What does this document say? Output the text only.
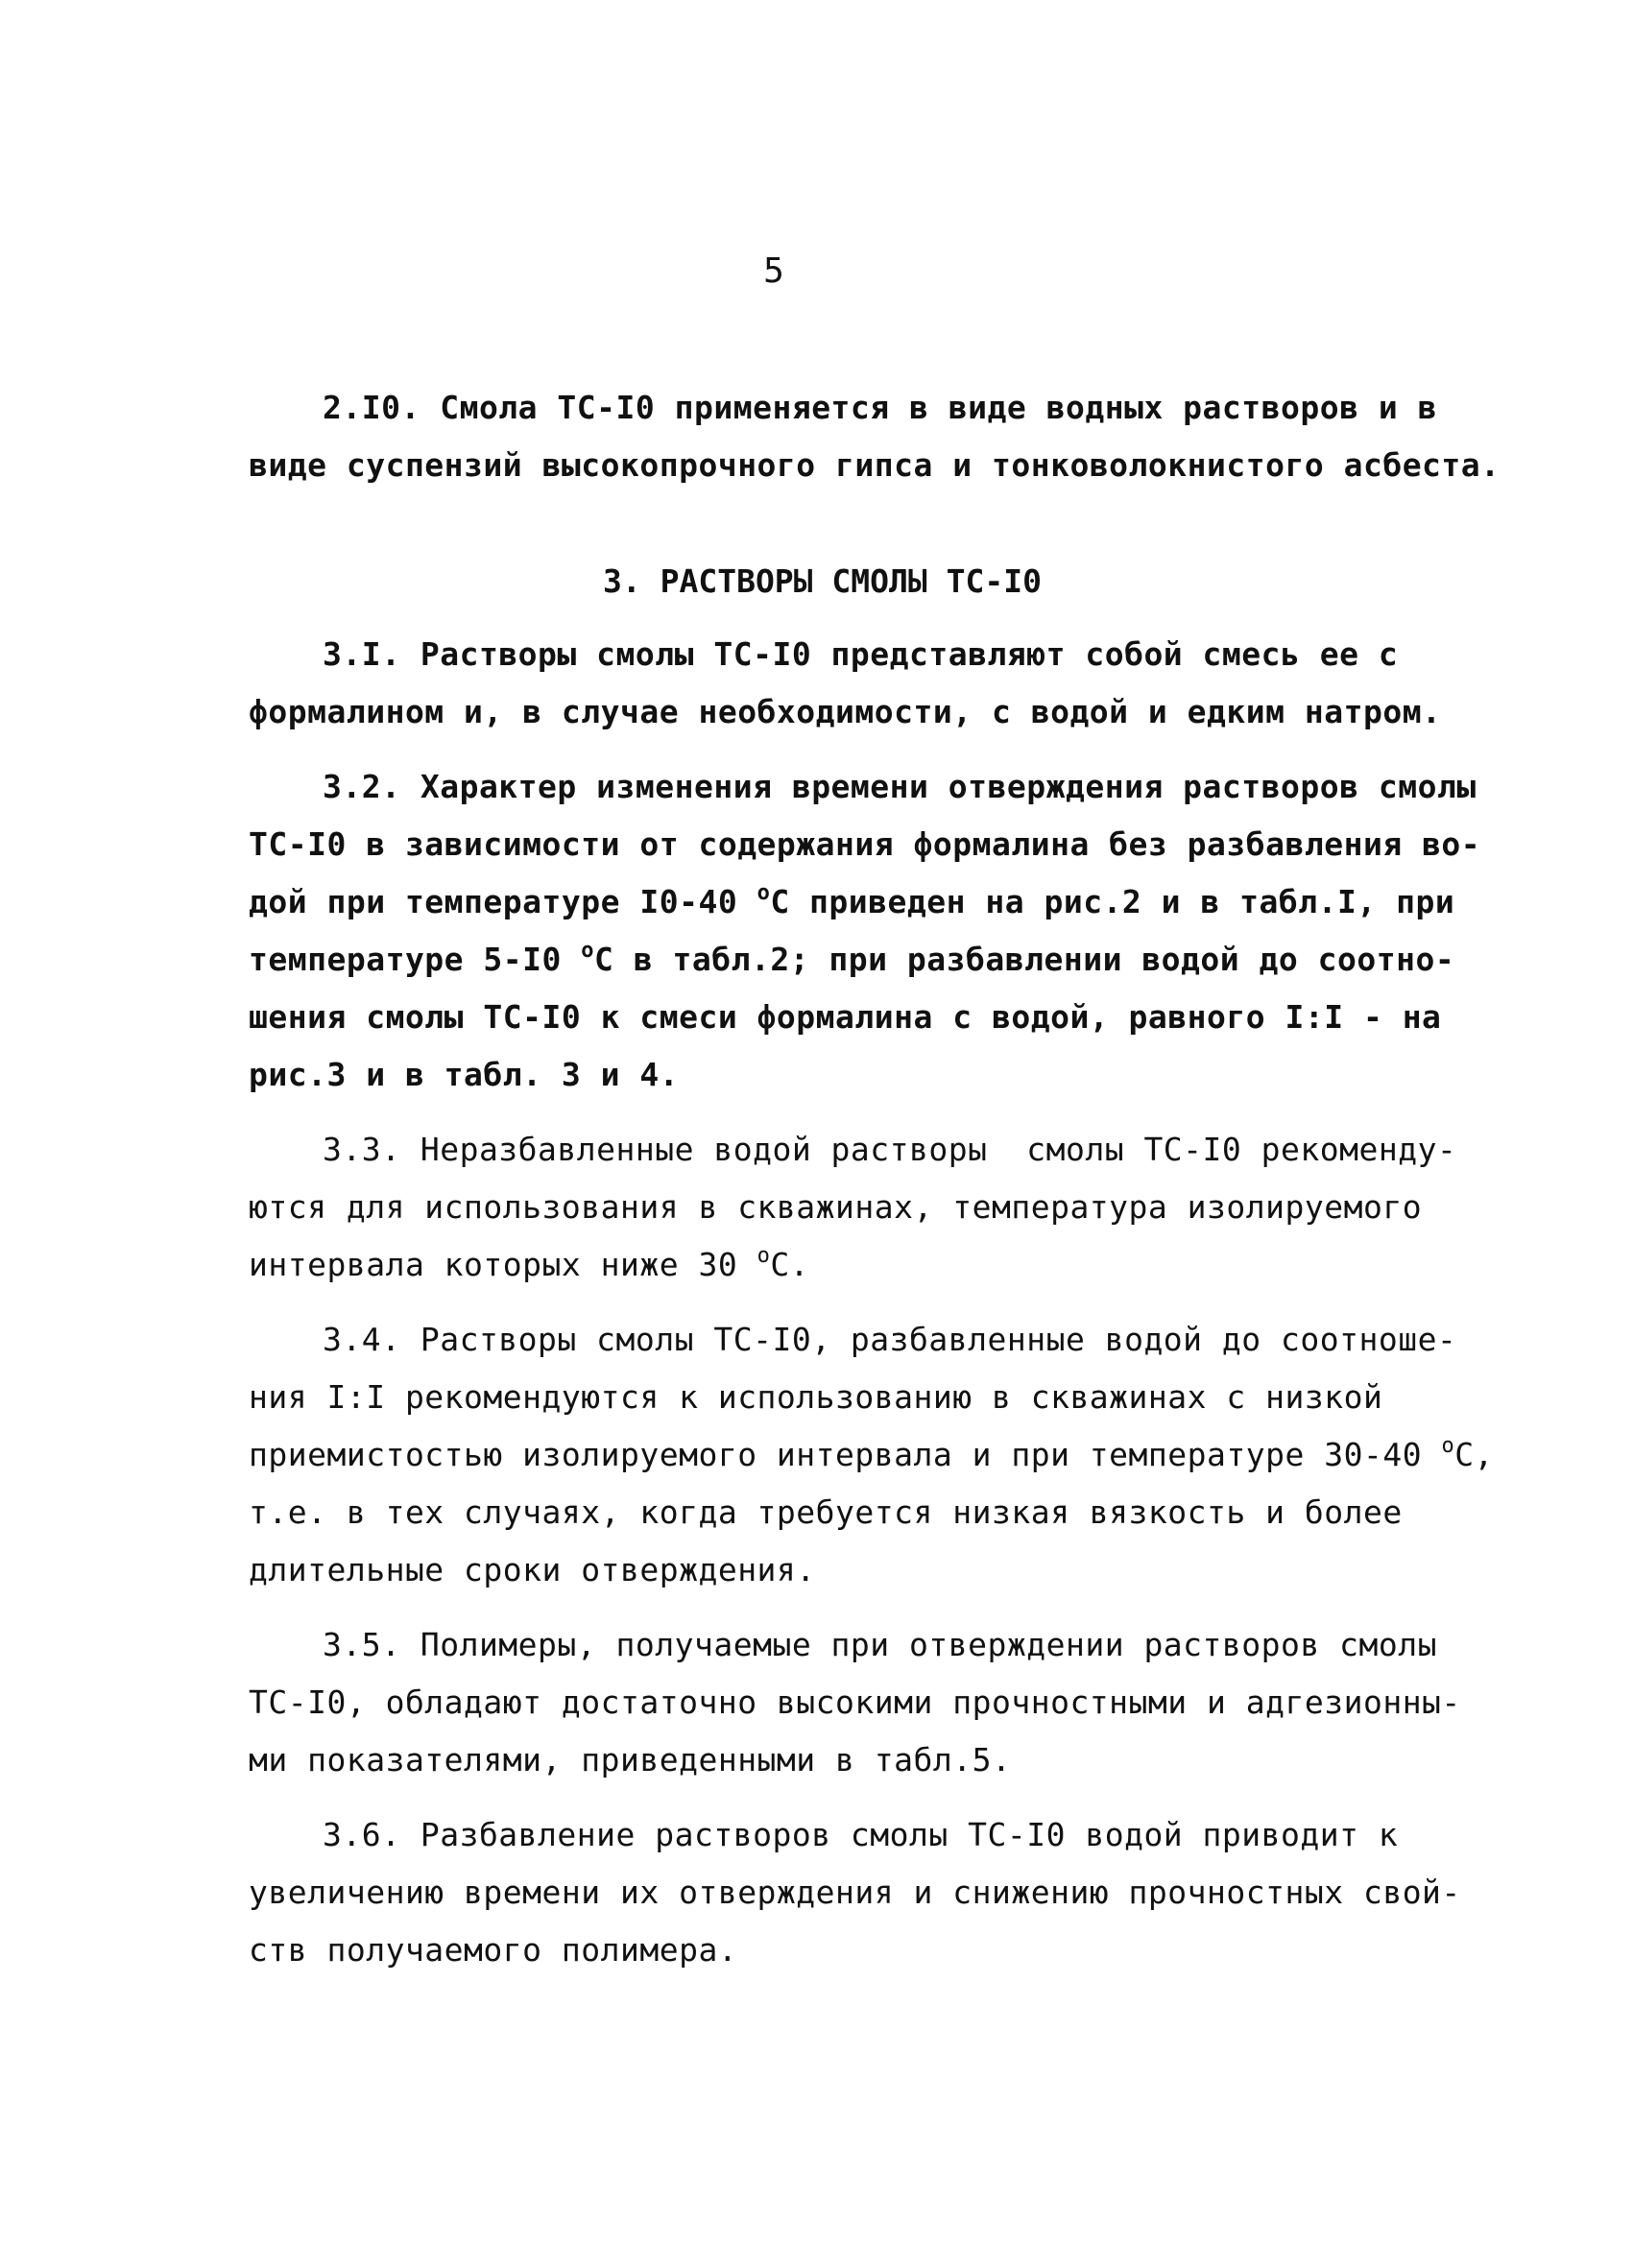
5
2.I0. Смола ТС-I0 применяется в виде водных растворов и в
виде суспензий высокопрочного гипса и тонковолокнистого асбеста.
3. РАСТВОРЫ СМОЛЫ ТС-I0
3.I. Растворы смолы ТС-I0 представляют собой смесь ее с
формалином и, в случае необходимости, с водой и едким натром.
3.2. Характер изменения времени отверждения растворов смолы
ТС-I0 в зависимости от содержания формалина без разбавления во-
дой при температуре I0-40 $^o$С приведен на рис.2 и в табл.I, при
температуре 5-I0 $^o$С в табл.2; при разбавлении водой до соотно-
шения смолы ТС-I0 к смеси формалина с водой, равного I:I - на
рис.3 и в табл. 3 и 4.
3.3. Неразбавленные водой растворы  смолы ТС-I0 рекоменду-
ются для использования в скважинах, температура изолируемого
интервала которых ниже 30 $^o$С.
3.4. Растворы смолы ТС-I0, разбавленные водой до соотноше-
ния I:I рекомендуются к использованию в скважинах с низкой
приемистостью изолируемого интервала и при температуре 30-40 $^o$С,
т.е. в тех случаях, когда требуется низкая вязкость и более
длительные сроки отверждения.
3.5. Полимеры, получаемые при отверждении растворов смолы
ТС-I0, обладают достаточно высокими прочностными и адгезионны-
ми показателями, приведенными в табл.5.
3.6. Разбавление растворов смолы ТС-I0 водой приводит к
увеличению времени их отверждения и снижению прочностных свой-
ств получаемого полимера.
